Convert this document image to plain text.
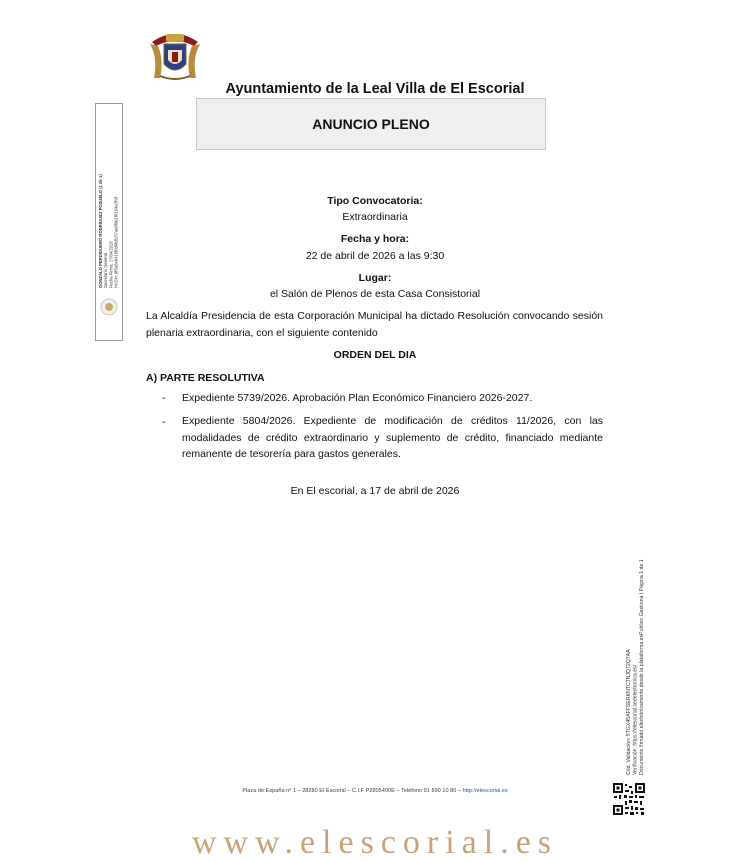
Ayuntamiento de la Leal Villa de El Escorial
ANUNCIO PLENO
GONZALO PERDIGUERO RODRÍGUEZ POZUELO (1 de 1) Secretario General Fecha Firma: 17/04/2026 HASH: 9f5a5e8416f0d4b8157ae6f9e1f8154e2f9f	Tipo Convocatoria:
Extraordinaria
Fecha y hora:
22 de abril de 2026 a las 9:30
Lugar:
el Salón de Plenos de esta Casa Consistorial
La Alcaldía Presidencia de esta Corporación Municipal ha dictado Resolución convocando sesión plenaria extraordinaria, con el siguiente contenido
ORDEN DEL DIA
A) PARTE RESOLUTIVA
- Expediente 5739/2026. Aprobación Plan Económico Financiero 2026-2027.
- Expediente 5804/2026. Expediente de modificación de créditos 11/2026, con las modalidades de crédito extraordinario y suplemento de crédito, financiado mediante remanente de tesorería para gastos generales.
En El escorial, a 17 de abril de 2026
Cód. Validación: 5TGX45AFFSERKNTC7NJQ72Q7AA Verificación: https://elescorial.sedelectronica.es/ Documento firmado electrónicamente desde la plataforma esPublico Gestiona | Página 1 de 1
Plaza de España nº 1 – 28280 El Escorial – C.I.F P2805400E – Teléfono 91 890 10 80 – http://elescorial.es
www.elescorial.es
